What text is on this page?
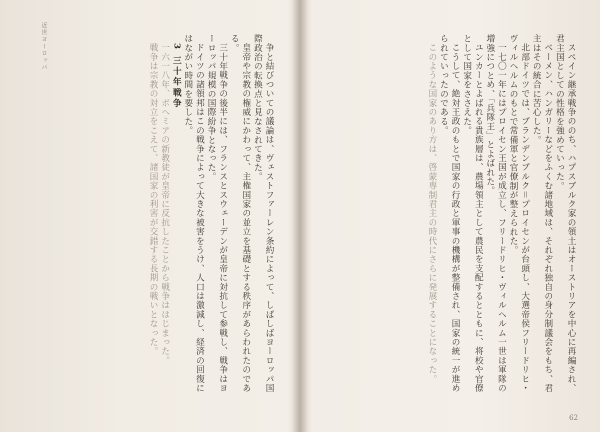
近世ヨーロッパ	争と結びついての議論は、ヴェストファーレン条約によって、しばしばヨーロッパ国際政治の転換点と見なされてきた。

皇帝や宗教の権威にかわって、主権国家の並立を基礎とする秩序があらわれたのである。

三十年戦争の後半には、フランスとスウェーデンが皇帝に対抗して参戦し、戦争はヨーロッパ規模の国際紛争となった。

ドイツの諸領邦はこの戦争によって大きな被害をうけ、人口は激減し、経済の回復にはながい時間を要した。

3 三十年戦争

一六一八年、ボヘミアの新教徒が皇帝に反抗したことから戦争ははじまった。

戦争は宗教の対立をこえて、諸国家の利害が交錯する長期の戦いとなった。	スペイン継承戦争ののち、ハプスブルク家の領土はオーストリアを中心に再編され、君主国としての性格を強めていった。

ベーメン、ハンガリーなどをふくむ諸地域は、それぞれ独自の身分制議会をもち、君主はその統合に苦心した。

北部ドイツでは、ブランデンブルク＝プロイセンが台頭し、大選帝侯フリードリヒ・ヴィルヘルムのもとで常備軍と官僚制が整えられた。

一七〇一年にはプロイセン王国が成立し、フリードリヒ・ヴィルヘルム一世は軍隊の増強につとめ、「兵隊王」とよばれた。

ユンカーとよばれる貴族層は、農場領主として農民を支配するとともに、将校や官僚として国家をささえた。

こうして、絶対王政のもとで国家の行政と軍事の機構が整備され、国家の統一が進められていったのである。

このような国家のあり方は、啓蒙専制君主の時代にさらに発展することになった。

62
